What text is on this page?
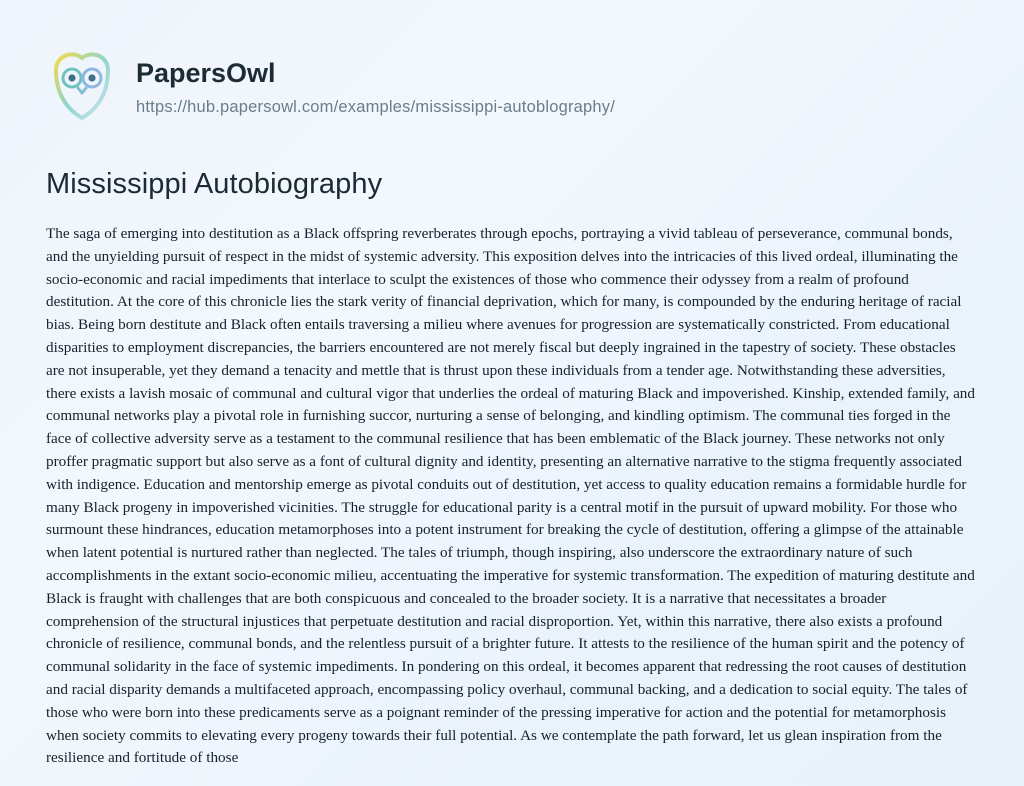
PapersOwl
https://hub.papersowl.com/examples/mississippi-autoblography/
Mississippi Autobiography
The saga of emerging into destitution as a Black offspring reverberates through epochs, portraying a vivid tableau of perseverance, communal bonds, and the unyielding pursuit of respect in the midst of systemic adversity. This exposition delves into the intricacies of this lived ordeal, illuminating the socio-economic and racial impediments that interlace to sculpt the existences of those who commence their odyssey from a realm of profound destitution. At the core of this chronicle lies the stark verity of financial deprivation, which for many, is compounded by the enduring heritage of racial bias. Being born destitute and Black often entails traversing a milieu where avenues for progression are systematically constricted. From educational disparities to employment discrepancies, the barriers encountered are not merely fiscal but deeply ingrained in the tapestry of society. These obstacles are not insuperable, yet they demand a tenacity and mettle that is thrust upon these individuals from a tender age. Notwithstanding these adversities, there exists a lavish mosaic of communal and cultural vigor that underlies the ordeal of maturing Black and impoverished. Kinship, extended family, and communal networks play a pivotal role in furnishing succor, nurturing a sense of belonging, and kindling optimism. The communal ties forged in the face of collective adversity serve as a testament to the communal resilience that has been emblematic of the Black journey. These networks not only proffer pragmatic support but also serve as a font of cultural dignity and identity, presenting an alternative narrative to the stigma frequently associated with indigence. Education and mentorship emerge as pivotal conduits out of destitution, yet access to quality education remains a formidable hurdle for many Black progeny in impoverished vicinities. The struggle for educational parity is a central motif in the pursuit of upward mobility. For those who surmount these hindrances, education metamorphoses into a potent instrument for breaking the cycle of destitution, offering a glimpse of the attainable when latent potential is nurtured rather than neglected. The tales of triumph, though inspiring, also underscore the extraordinary nature of such accomplishments in the extant socio-economic milieu, accentuating the imperative for systemic transformation. The expedition of maturing destitute and Black is fraught with challenges that are both conspicuous and concealed to the broader society. It is a narrative that necessitates a broader comprehension of the structural injustices that perpetuate destitution and racial disproportion. Yet, within this narrative, there also exists a profound chronicle of resilience, communal bonds, and the relentless pursuit of a brighter future. It attests to the resilience of the human spirit and the potency of communal solidarity in the face of systemic impediments. In pondering on this ordeal, it becomes apparent that redressing the root causes of destitution and racial disparity demands a multifaceted approach, encompassing policy overhaul, communal backing, and a dedication to social equity. The tales of those who were born into these predicaments serve as a poignant reminder of the pressing imperative for action and the potential for metamorphosis when society commits to elevating every progeny towards their full potential. As we contemplate the path forward, let us glean inspiration from the resilience and fortitude of those
